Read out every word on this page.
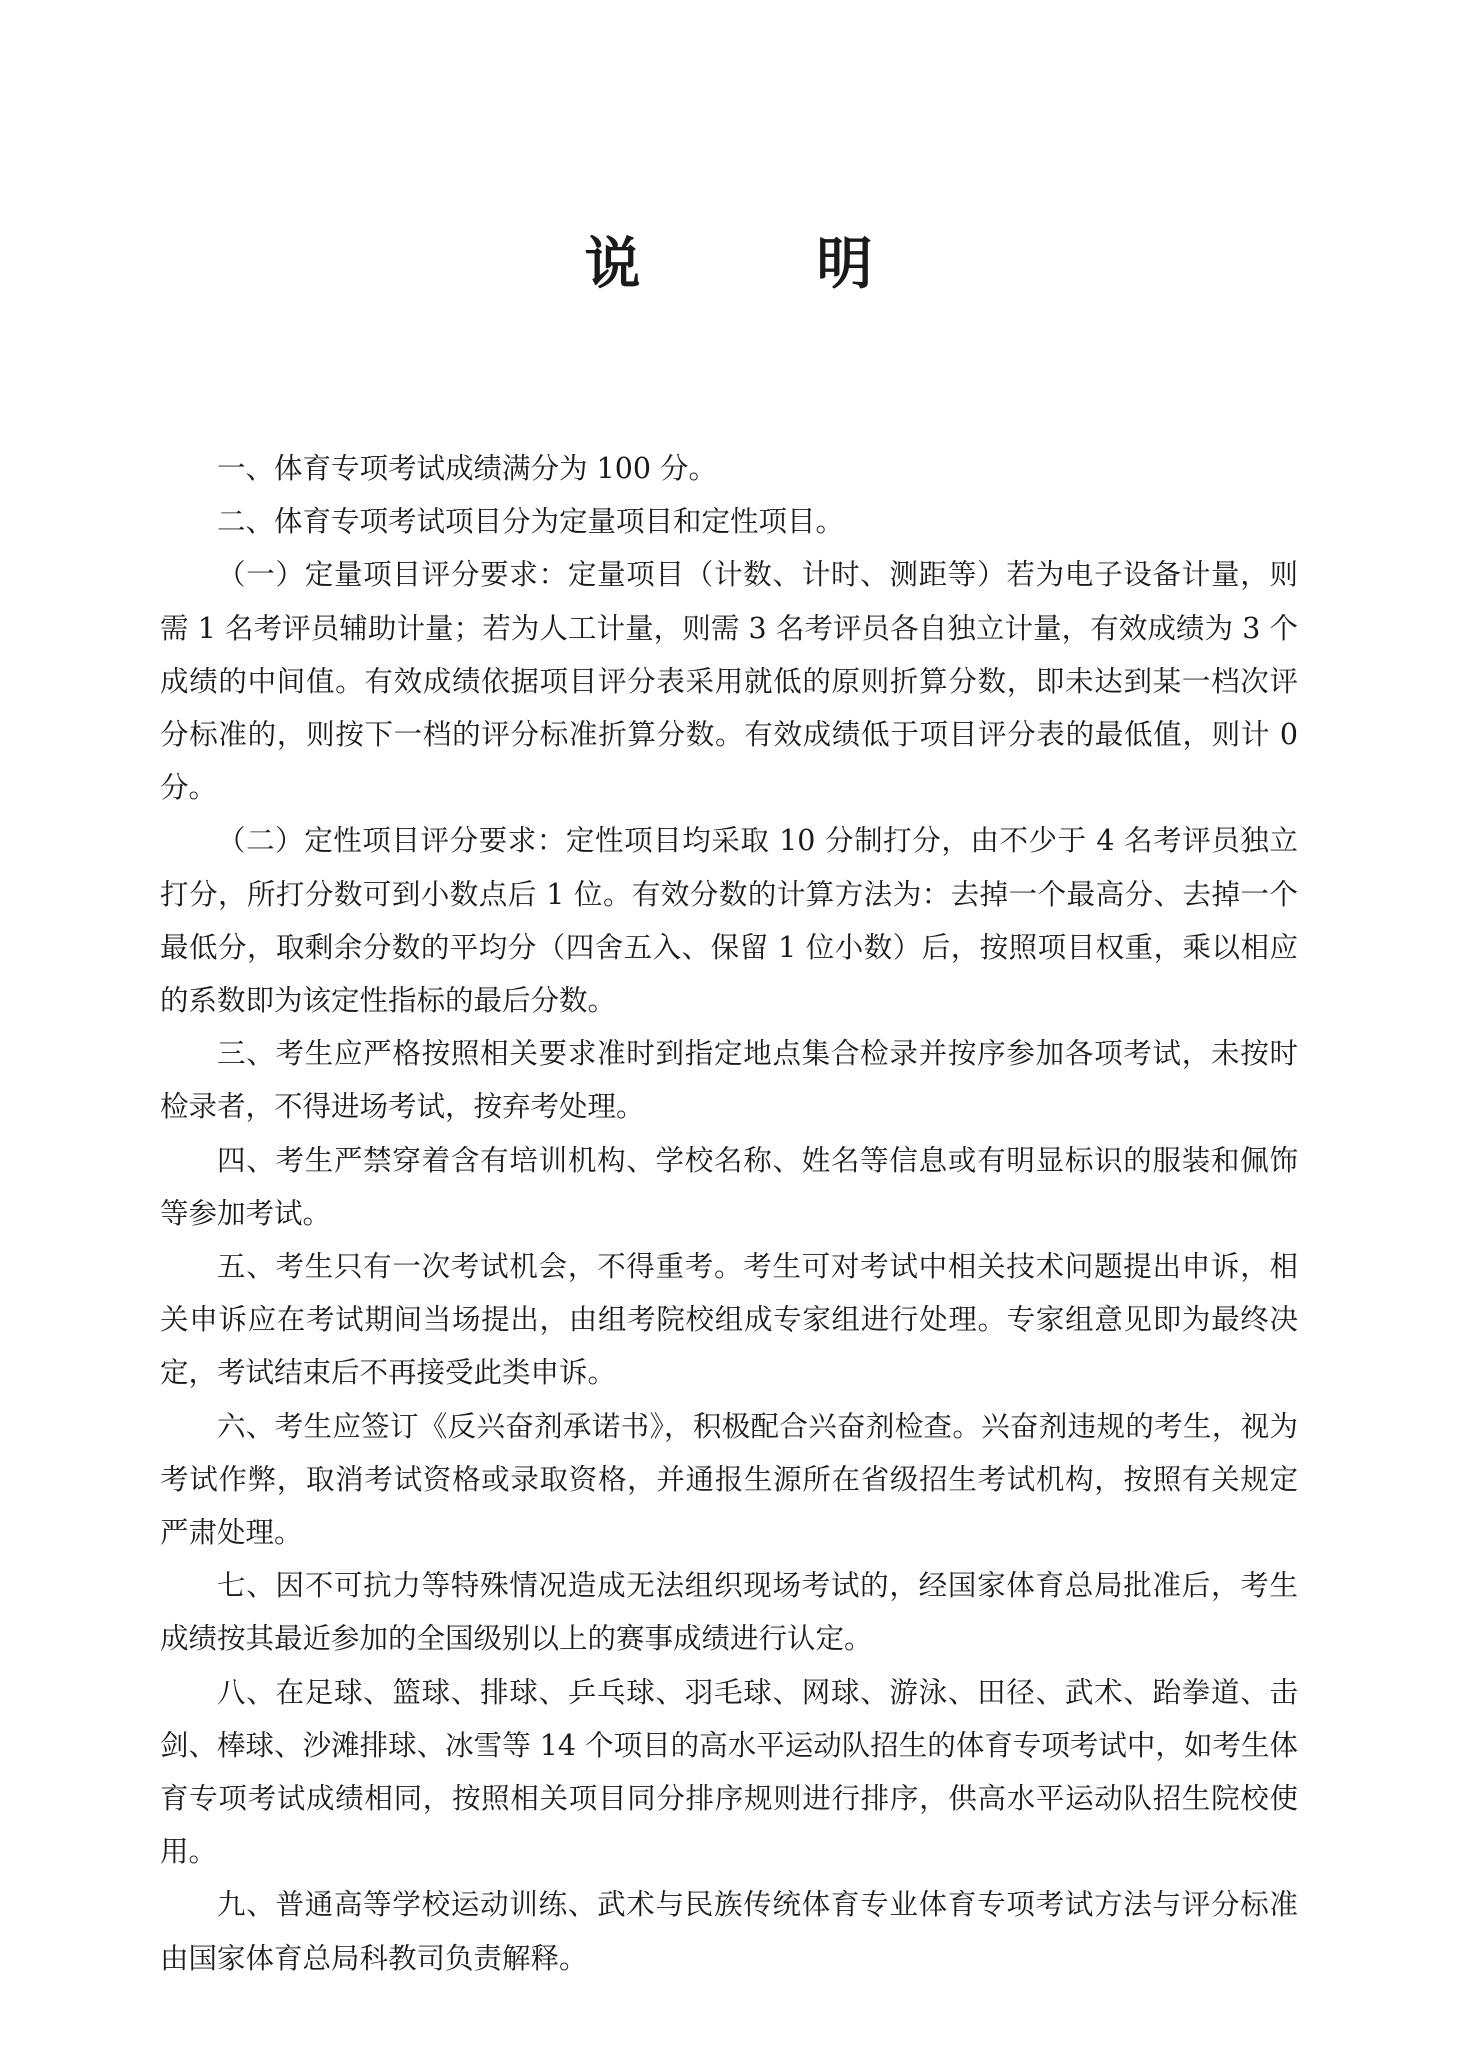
说　明

一、体育专项考试成绩满分为 100 分。

二、体育专项考试项目分为定量项目和定性项目。

（一）定量项目评分要求：定量项目（计数、计时、测距等）若为电子设备计量，则需 1 名考评员辅助计量；若为人工计量，则需 3 名考评员各自独立计量，有效成绩为 3 个成绩的中间值。有效成绩依据项目评分表采用就低的原则折算分数，即未达到某一档次评分标准的，则按下一档的评分标准折算分数。有效成绩低于项目评分表的最低值，则计 0 分。

（二）定性项目评分要求：定性项目均采取 10 分制打分，由不少于 4 名考评员独立打分，所打分数可到小数点后 1 位。有效分数的计算方法为：去掉一个最高分、去掉一个最低分，取剩余分数的平均分（四舍五入、保留 1 位小数）后，按照项目权重，乘以相应的系数即为该定性指标的最后分数。

三、考生应严格按照相关要求准时到指定地点集合检录并按序参加各项考试，未按时检录者，不得进场考试，按弃考处理。

四、考生严禁穿着含有培训机构、学校名称、姓名等信息或有明显标识的服装和佩饰等参加考试。

五、考生只有一次考试机会，不得重考。考生可对考试中相关技术问题提出申诉，相关申诉应在考试期间当场提出，由组考院校组成专家组进行处理。专家组意见即为最终决定，考试结束后不再接受此类申诉。

六、考生应签订《反兴奋剂承诺书》，积极配合兴奋剂检查。兴奋剂违规的考生，视为考试作弊，取消考试资格或录取资格，并通报生源所在省级招生考试机构，按照有关规定严肃处理。

七、因不可抗力等特殊情况造成无法组织现场考试的，经国家体育总局批准后，考生成绩按其最近参加的全国级别以上的赛事成绩进行认定。

八、在足球、篮球、排球、乒乓球、羽毛球、网球、游泳、田径、武术、跆拳道、击剑、棒球、沙滩排球、冰雪等 14 个项目的高水平运动队招生的体育专项考试中，如考生体育专项考试成绩相同，按照相关项目同分排序规则进行排序，供高水平运动队招生院校使用。

九、普通高等学校运动训练、武术与民族传统体育专业体育专项考试方法与评分标准由国家体育总局科教司负责解释。
